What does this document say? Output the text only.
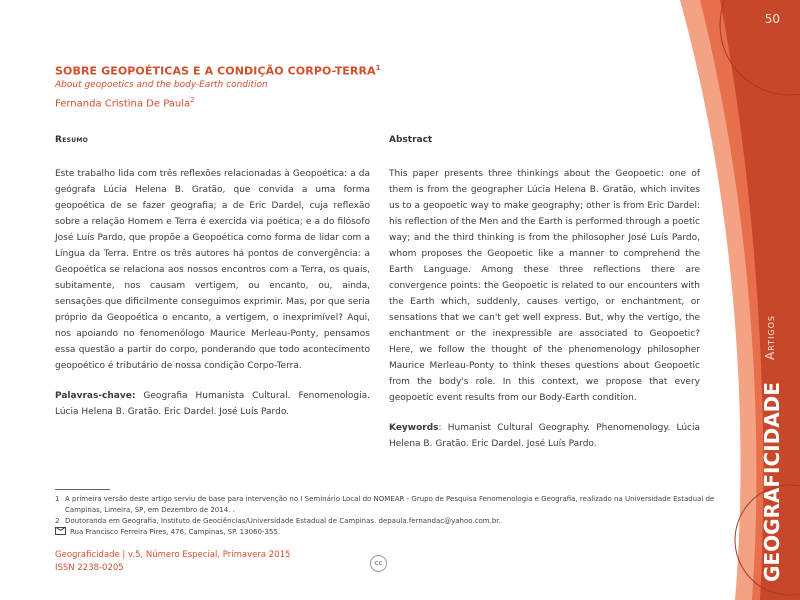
50
Artigos
GEOGRAFICIDADE
SOBRE GEOPOÉTICAS E A CONDIÇÃO CORPO-TERRA$^1$
About geopoetics and the body-Earth condition
Fernanda Cristina De Paula$^2$
Resumo

Este trabalho lida com três reflexões relacionadas à Geopoética: a da geógrafa Lúcia Helena B. Gratão, que convida a uma forma geopoética de se fazer geografia; a de Eric Dardel, cuja reflexão sobre a relação Homem e Terra é exercida via poética; e a do filósofo José Luís Pardo, que propõe a Geopoética como forma de lidar com a Língua da Terra. Entre os três autores há pontos de convergência: a Geopoética se relaciona aos nossos encontros com a Terra, os quais, subitamente, nos causam vertigem, ou encanto, ou, ainda, sensações que dificilmente conseguimos exprimir. Mas, por que seria próprio da Geopoética o encanto, a vertigem, o inexprimível? Aqui, nos apoiando no fenomenólogo Maurice Merleau-Ponty, pensamos essa questão a partir do corpo, ponderando que todo acontecimento geopoético é tributário de nossa condição Corpo-Terra.

Palavras-chave: Geografia Humanista Cultural. Fenomenologia. Lúcia Helena B. Gratão. Eric Dardel. José Luís Pardo.

Abstract

This paper presents three thinkings about the Geopoetic: one of them is from the geographer Lúcia Helena B. Gratão, which invites us to a geopoetic way to make geography; other is from Eric Dardel: his reflection of the Men and the Earth is performed through a poetic way; and the third thinking is from the philosopher José Luís Pardo, whom proposes the Geopoetic like a manner to comprehend the Earth Language. Among these three reflections there are convergence points: the Geopoetic is related to our encounters with the Earth which, suddenly, causes vertigo, or enchantment, or sensations that we can't get well express. But, why the vertigo, the enchantment or the inexpressible are associated to Geopoetic? Here, we follow the thought of the phenomenology philosopher Maurice Merleau-Ponty to think theses questions about Geopoetic from the body's role. In this context, we propose that every geopoetic event results from our Body-Earth condition.

Keywords: Humanist Cultural Geography. Phenomenology. Lúcia Helena B. Gratão. Eric Dardel. José Luís Pardo.

1 A primeira versão deste artigo serviu de base para intervenção no I Seminário Local do NOMEAR - Grupo de Pesquisa Fenomenologia e Geografia, realizado na Universidade Estadual de Campinas, Limeira, SP, em Dezembro de 2014. .
2 Doutoranda em Geografia, Instituto de Geociências/Universidade Estadual de Campinas. depaula.fernandac@yahoo.com.br.
Rua Francisco Ferreira Pires, 476, Campinas, SP. 13060-355.
Geograficidade | v.5, Número Especial, Primavera 2015
ISSN 2238-0205	cc
